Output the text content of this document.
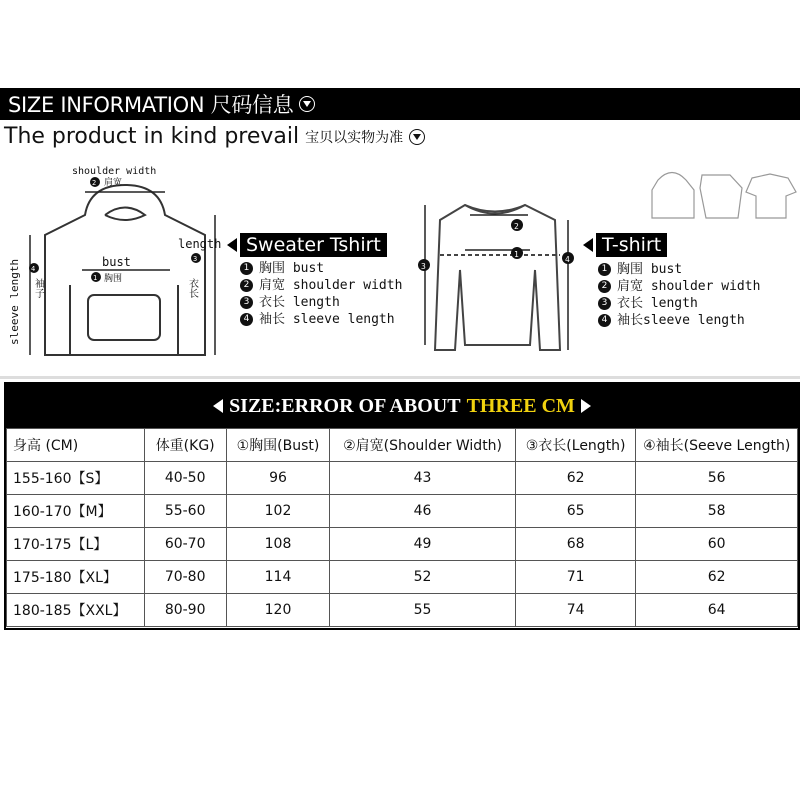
SIZE INFORMATION 尺码信息
The product in kind prevail 宝贝以实物为准
shoulder width
2 肩宽
bust
1 胸围
length
3
衣长
4
袖子
sleeve length
2
1
3
4
Sweater Tshirt
1 胸围 bust
2 肩宽 shoulder width
3 衣长 length
4 袖长 sleeve length
T-shirt
1 胸围 bust
2 肩宽 shoulder width
3 衣长 length
4 袖长sleeve length
SIZE:ERROR OF ABOUT THREE CM
身高 (CM)	体重(KG)	①胸围(Bust)	②肩宽(Shoulder Width)	③衣长(Length)	④袖长(Seeve Length)
155-160【S】	40-50	96	43	62	56
160-170【M】	55-60	102	46	65	58
170-175【L】	60-70	108	49	68	60
175-180【XL】	70-80	114	52	71	62
180-185【XXL】	80-90	120	55	74	64
